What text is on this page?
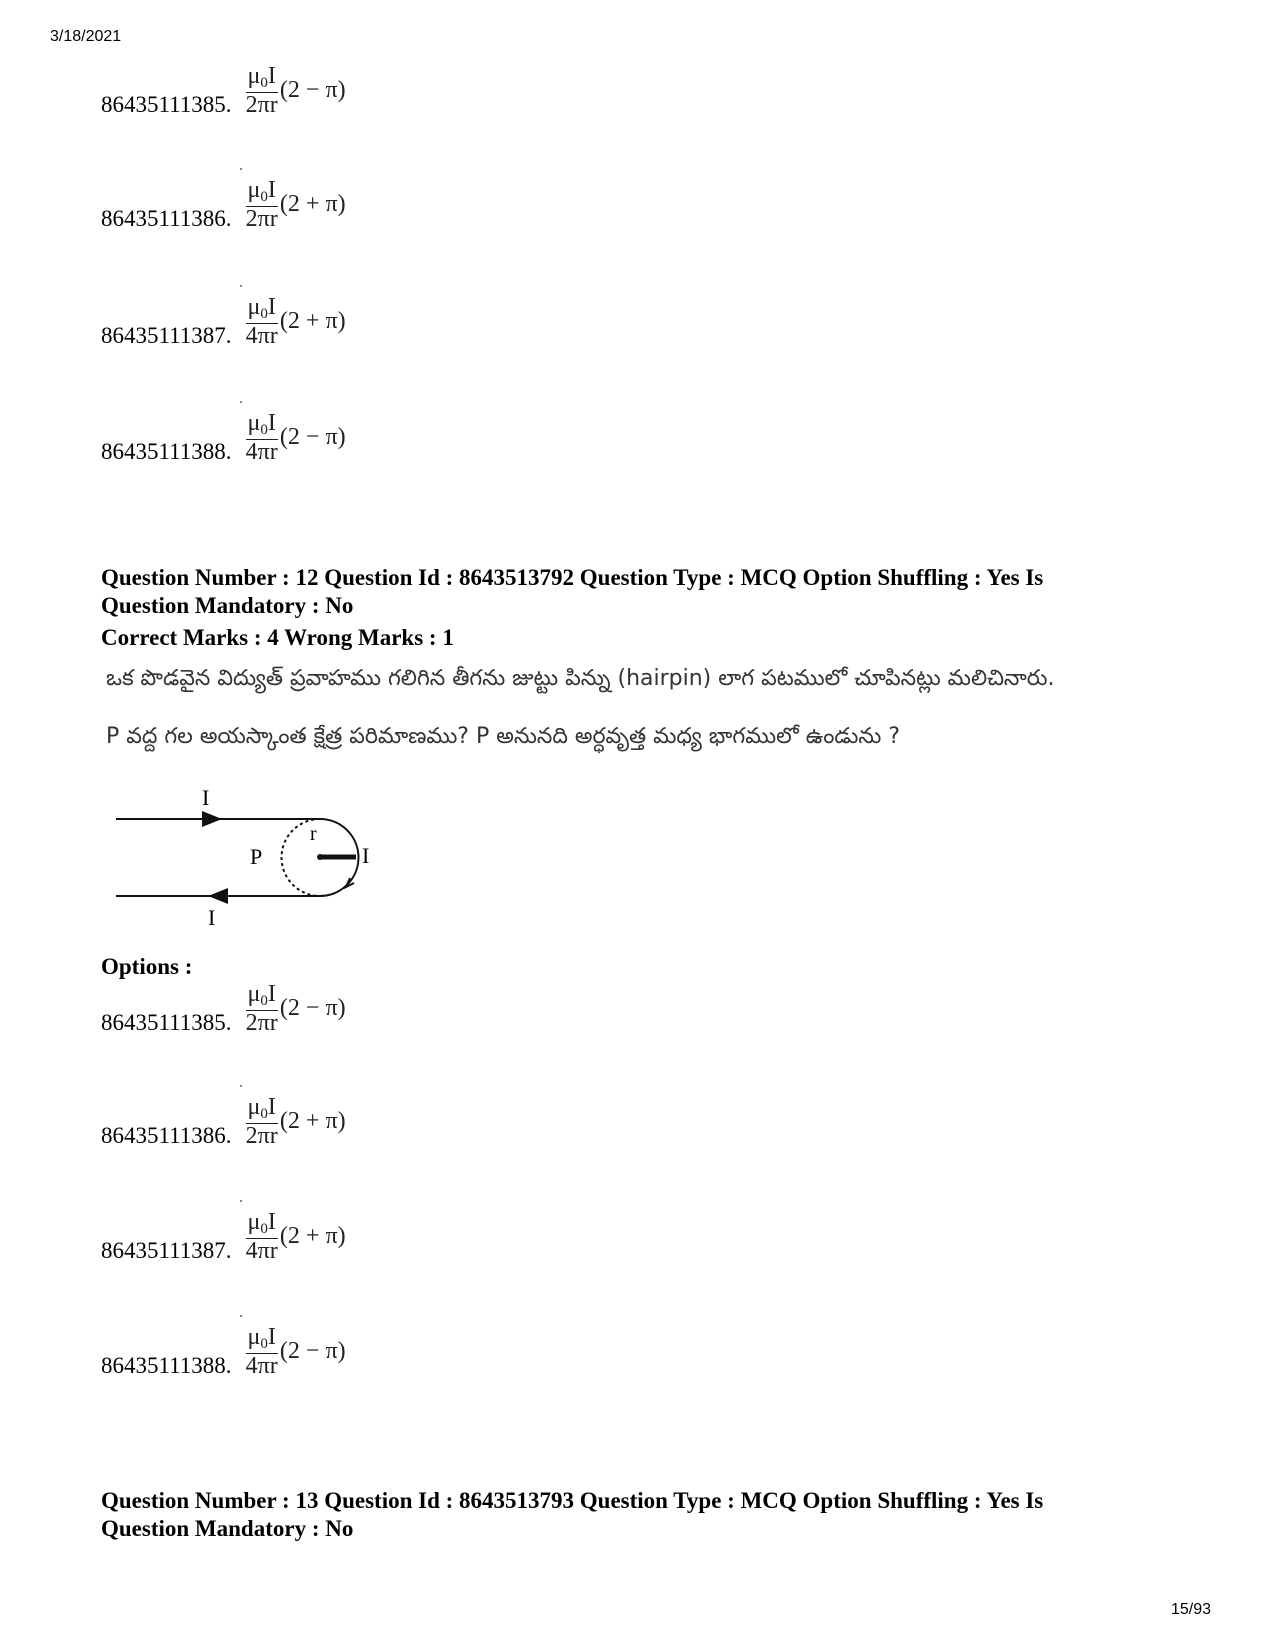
3/18/2021
86435111385. $\frac{\mu_0I}{2\pi r} (2 - \pi)$
86435111386. $\frac{\mu_0I}{2\pi r} (2 + \pi)$
86435111387. $\frac{\mu_0I}{4\pi r} (2 + \pi)$
86435111388. $\frac{\mu_0I}{4\pi r} (2 - \pi)$
Question Number : 12 Question Id : 8643513792 Question Type : MCQ Option Shuffling : Yes Is
Question Mandatory : No
Correct Marks : 4 Wrong Marks : 1
ఒక పొడవైన విద్యుత్ ప్రవాహము గలిగిన తీగను జుట్టు పిన్ను (hairpin) లాగ పటములో చూపినట్లు మలిచినారు.
P వద్ద గల అయస్కాంత క్షేత్ర పరిమాణము? P అనునది అర్ధవృత్త మధ్య భాగములో ఉండును ?
I
I
P
r
I
Options :
86435111385. $\frac{\mu_0I}{2\pi r} (2 - \pi)$
86435111386. $\frac{\mu_0I}{2\pi r} (2 + \pi)$
86435111387. $\frac{\mu_0I}{4\pi r} (2 + \pi)$
86435111388. $\frac{\mu_0I}{4\pi r} (2 - \pi)$
Question Number : 13 Question Id : 8643513793 Question Type : MCQ Option Shuffling : Yes Is
Question Mandatory : No
15/93
